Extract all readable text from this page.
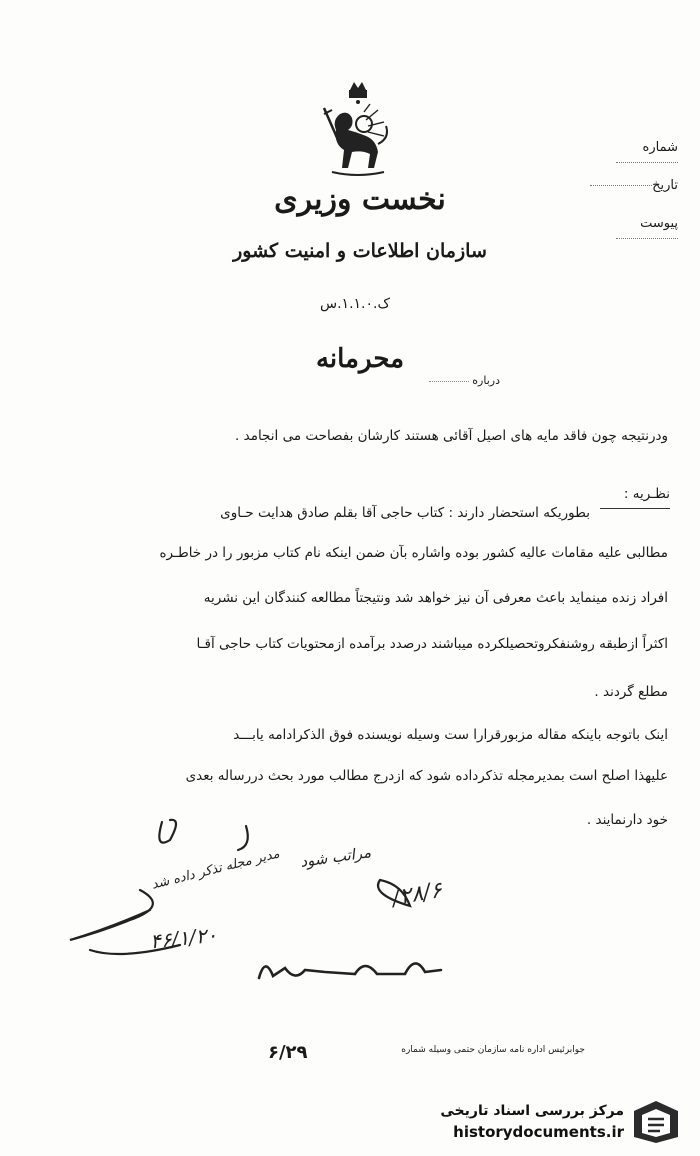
نخست وزیری
سازمان اطلاعات و امنیت کشور
ک.۱.۱.۰.س
محرمانه
شماره
تاریخ
پیوست
درباره
ودرنتیجه چون فاقد مایه های اصیل آقائی هستند کارشان بفصاحت می انجامد .
نظـریه :
بطوریکه استحضار دارند : کتاب حاجی آقا بقلم صادق هدایت حـاوی
مطالبی علیه مقامات عالیه کشور بوده واشاره بآن ضمن اینکه نام کتاب مزبور را در خاطـره
افراد زنده مینماید باعث معرفی آن نیز خواهد شد ونتیجتاً مطالعه کنندگان این نشریه
اکثراً ازطبقه روشنفکروتحصیلکرده میباشند درصدد برآمده ازمحتویات کتاب حاجی آقـا
مطلع گردند .
اینک باتوجه باینکه مقاله مزبورقرارا ست وسیله نویسنده فوق الذکرادامه یابـــد
علیهذا اصلح است بمدیرمجله تذکرداده شود که ازدرج مطالب مورد بحث دررساله بعدی
خود دارنمایند .
مراتب شود
مدیر مجله تذکر داده شد
۲۸/۶/
۴۶/۱/۲۰
۶/۲۹	جوابرئیس اداره نامه سازمان حتمی وسیله شماره
مرکز بررسی اسناد تاریخی
historydocuments.ir
